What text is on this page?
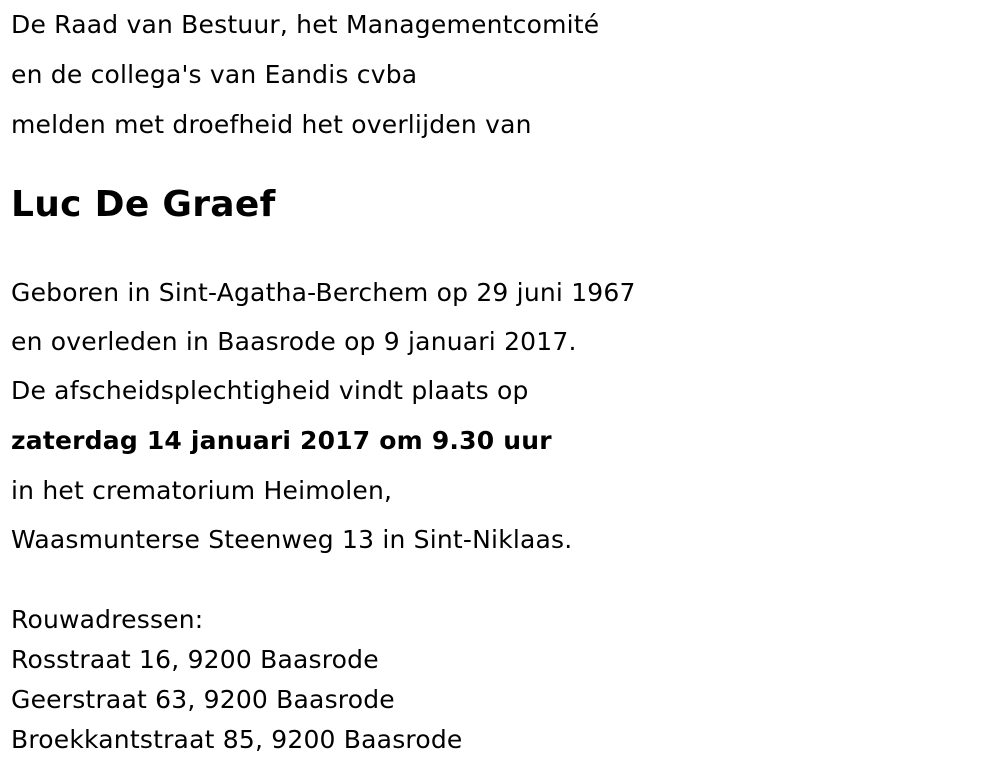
De Raad van Bestuur, het Managementcomité
en de collega's van Eandis cvba
melden met droefheid het overlijden van
Luc De Graef
Geboren in Sint-Agatha-Berchem op 29 juni 1967
en overleden in Baasrode op 9 januari 2017.
De afscheidsplechtigheid vindt plaats op
zaterdag 14 januari 2017 om 9.30 uur
in het crematorium Heimolen,
Waasmunterse Steenweg 13 in Sint-Niklaas.
Rouwadressen:
Rosstraat 16, 9200 Baasrode
Geerstraat 63, 9200 Baasrode
Broekkantstraat 85, 9200 Baasrode
